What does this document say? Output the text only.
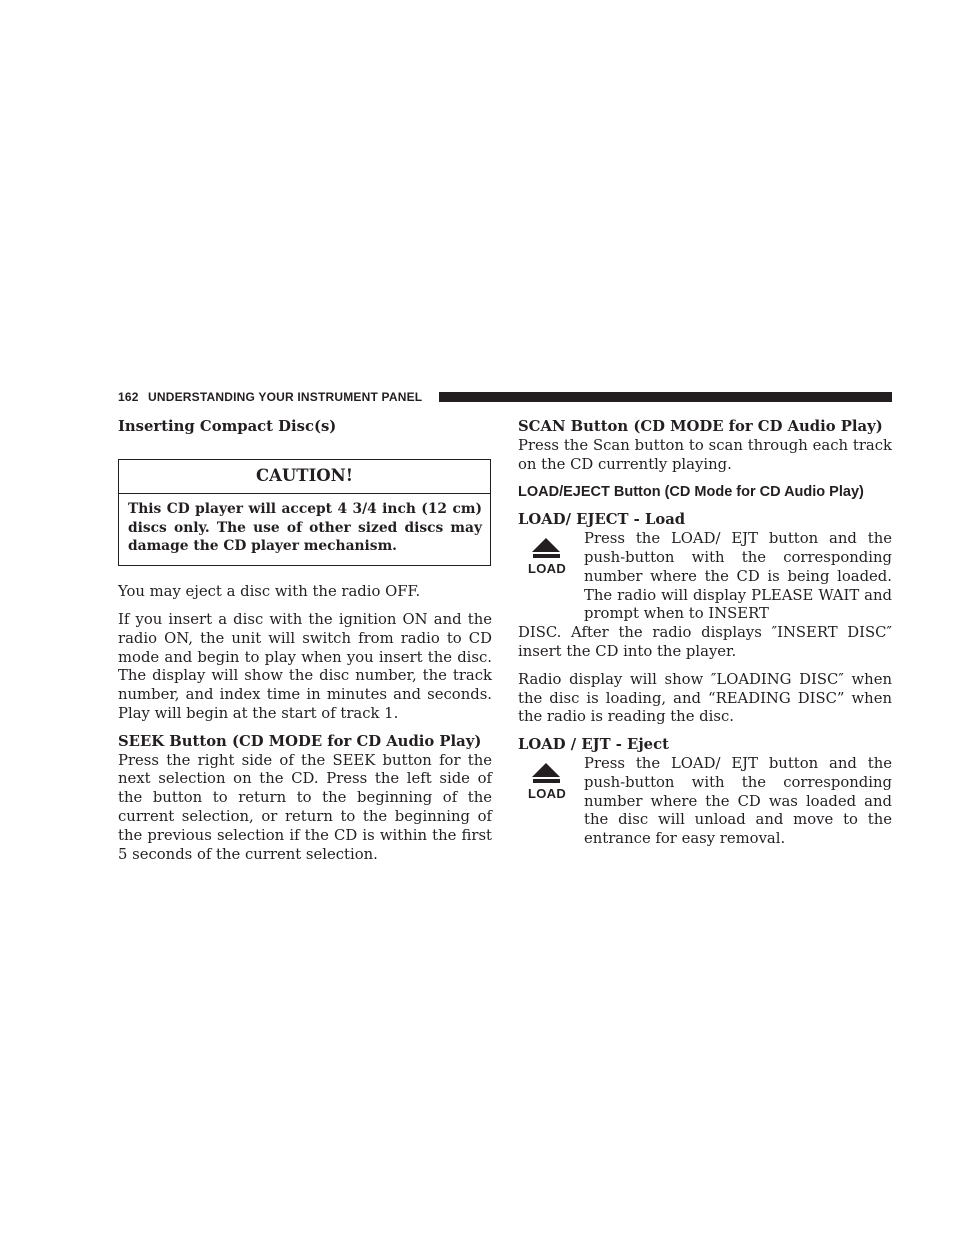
162 UNDERSTANDING YOUR INSTRUMENT PANEL

Inserting Compact Disc(s)

CAUTION!
This CD player will accept 4 3/4 inch (12 cm) discs only. The use of other sized discs may damage the CD player mechanism.

You may eject a disc with the radio OFF.

If you insert a disc with the ignition ON and the radio ON, the unit will switch from radio to CD mode and begin to play when you insert the disc. The display will show the disc number, the track number, and index time in minutes and seconds. Play will begin at the start of track 1.

SEEK Button (CD MODE for CD Audio Play)

Press the right side of the SEEK button for the next selection on the CD. Press the left side of the button to return to the beginning of the current selection, or return to the beginning of the previous selection if the CD is within the first 5 seconds of the current selection.

SCAN Button (CD MODE for CD Audio Play)

Press the Scan button to scan through each track on the CD currently playing.

LOAD/EJECT Button (CD Mode for CD Audio Play)

LOAD/ EJECT - Load

LOAD

Press the LOAD/ EJT button and the push-button with the corresponding number where the CD is being loaded. The radio will display PLEASE WAIT and prompt when to INSERT

DISC. After the radio displays ″INSERT DISC″ insert the CD into the player.

Radio display will show ″LOADING DISC″ when the disc is loading, and “READING DISC” when the radio is reading the disc.

LOAD / EJT - Eject

LOAD

Press the LOAD/ EJT button and the push-button with the corresponding number where the CD was loaded and the disc will unload and move to the entrance for easy removal.
